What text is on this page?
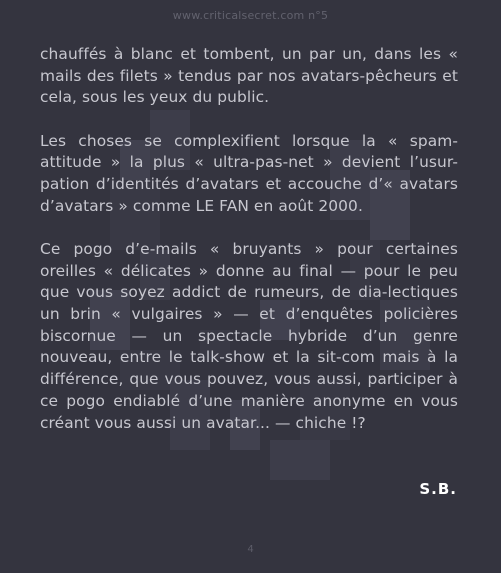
www.criticalsecret.com n°5

chauffés à blanc et tombent, un par un, dans les « mails des filets » tendus par nos avatars-pêcheurs et cela, sous les yeux du public.

Les choses se complexifient lorsque la « spam-attitude » la plus « ultra-pas-net » devient l’usur-pation d’identités d’avatars et accouche d’« avatars d’avatars » comme LE FAN en août 2000.

Ce pogo d’e-mails « bruyants » pour certaines oreilles « délicates » donne au final — pour le peu que vous soyez addict de rumeurs, de dia-lectiques un brin « vulgaires » — et d’enquêtes policières biscornue — un spectacle hybride d’un genre nouveau, entre le talk-show et la sit-com mais à la différence, que vous pouvez, vous aussi, participer à ce pogo endiablé d’une manière anonyme en vous créant vous aussi un avatar... — chiche !?

S.B.
4
